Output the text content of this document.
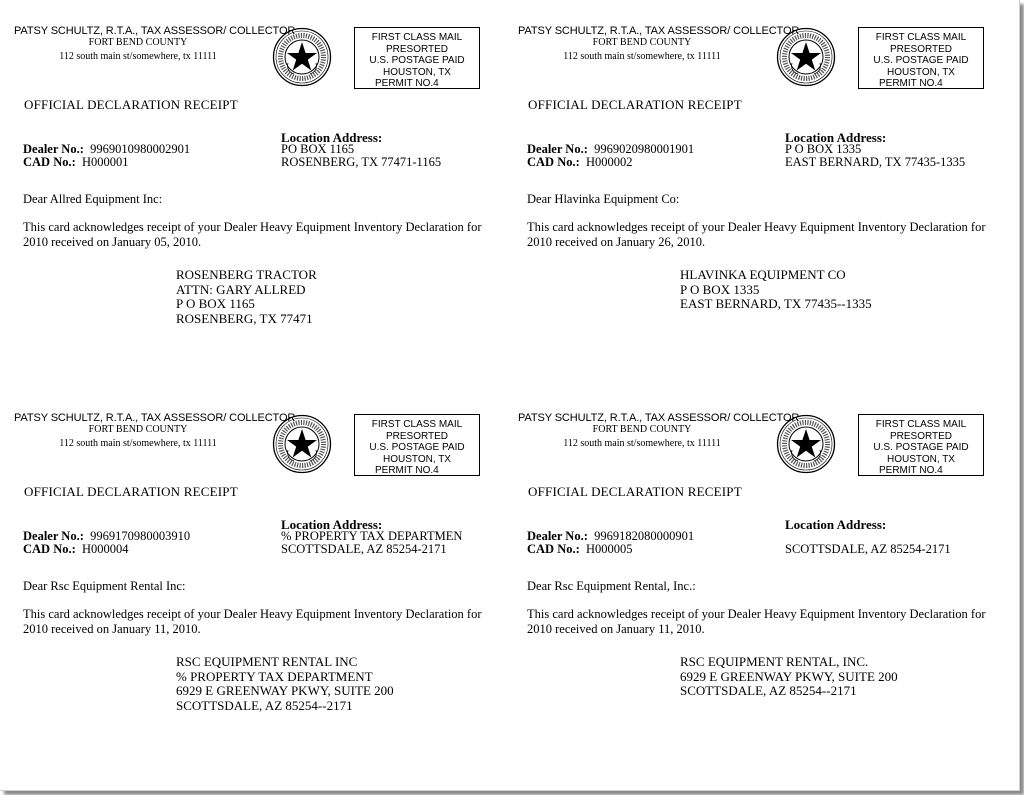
PATSY SCHULTZ, R.T.A., TAX ASSESSOR/ COLLECTOR
FORT BEND COUNTY
112 south main st/somewhere, tx 11111
FIRST CLASS MAIL
PRESORTED
U.S. POSTAGE PAID
HOUSTON, TX
PERMIT NO.4
OFFICIAL DECLARATION RECEIPT
Location Address:
PO BOX 1165
ROSENBERG, TX 77471-1165
Dealer No.: 9969010980002901
CAD No.: H000001
Dear Allred Equipment Inc:
This card acknowledges receipt of your Dealer Heavy Equipment Inventory Declaration for
2010 received on January 05, 2010.
ROSENBERG TRACTOR
ATTN: GARY ALLRED
P O BOX 1165
ROSENBERG, TX 77471
PATSY SCHULTZ, R.T.A., TAX ASSESSOR/ COLLECTOR
FORT BEND COUNTY
112 south main st/somewhere, tx 11111
FIRST CLASS MAIL
PRESORTED
U.S. POSTAGE PAID
HOUSTON, TX
PERMIT NO.4
OFFICIAL DECLARATION RECEIPT
Location Address:
P O BOX 1335
EAST BERNARD, TX 77435-1335
Dealer No.: 9969020980001901
CAD No.: H000002
Dear Hlavinka Equipment Co:
This card acknowledges receipt of your Dealer Heavy Equipment Inventory Declaration for
2010 received on January 26, 2010.
HLAVINKA EQUIPMENT CO
P O BOX 1335
EAST BERNARD, TX 77435--1335
PATSY SCHULTZ, R.T.A., TAX ASSESSOR/ COLLECTOR
FORT BEND COUNTY
112 south main st/somewhere, tx 11111
FIRST CLASS MAIL
PRESORTED
U.S. POSTAGE PAID
HOUSTON, TX
PERMIT NO.4
OFFICIAL DECLARATION RECEIPT
Location Address:
% PROPERTY TAX DEPARTMEN
SCOTTSDALE, AZ 85254-2171
Dealer No.: 9969170980003910
CAD No.: H000004
Dear Rsc Equipment Rental Inc:
This card acknowledges receipt of your Dealer Heavy Equipment Inventory Declaration for
2010 received on January 11, 2010.
RSC EQUIPMENT RENTAL INC
% PROPERTY TAX DEPARTMENT
6929 E GREENWAY PKWY, SUITE 200
SCOTTSDALE, AZ 85254--2171
PATSY SCHULTZ, R.T.A., TAX ASSESSOR/ COLLECTOR
FORT BEND COUNTY
112 south main st/somewhere, tx 11111
FIRST CLASS MAIL
PRESORTED
U.S. POSTAGE PAID
HOUSTON, TX
PERMIT NO.4
OFFICIAL DECLARATION RECEIPT
Location Address:
SCOTTSDALE, AZ 85254-2171
Dealer No.: 9969182080000901
CAD No.: H000005
Dear Rsc Equipment Rental, Inc.:
This card acknowledges receipt of your Dealer Heavy Equipment Inventory Declaration for
2010 received on January 11, 2010.
RSC EQUIPMENT RENTAL, INC.
6929 E GREENWAY PKWY, SUITE 200
SCOTTSDALE, AZ 85254--2171
